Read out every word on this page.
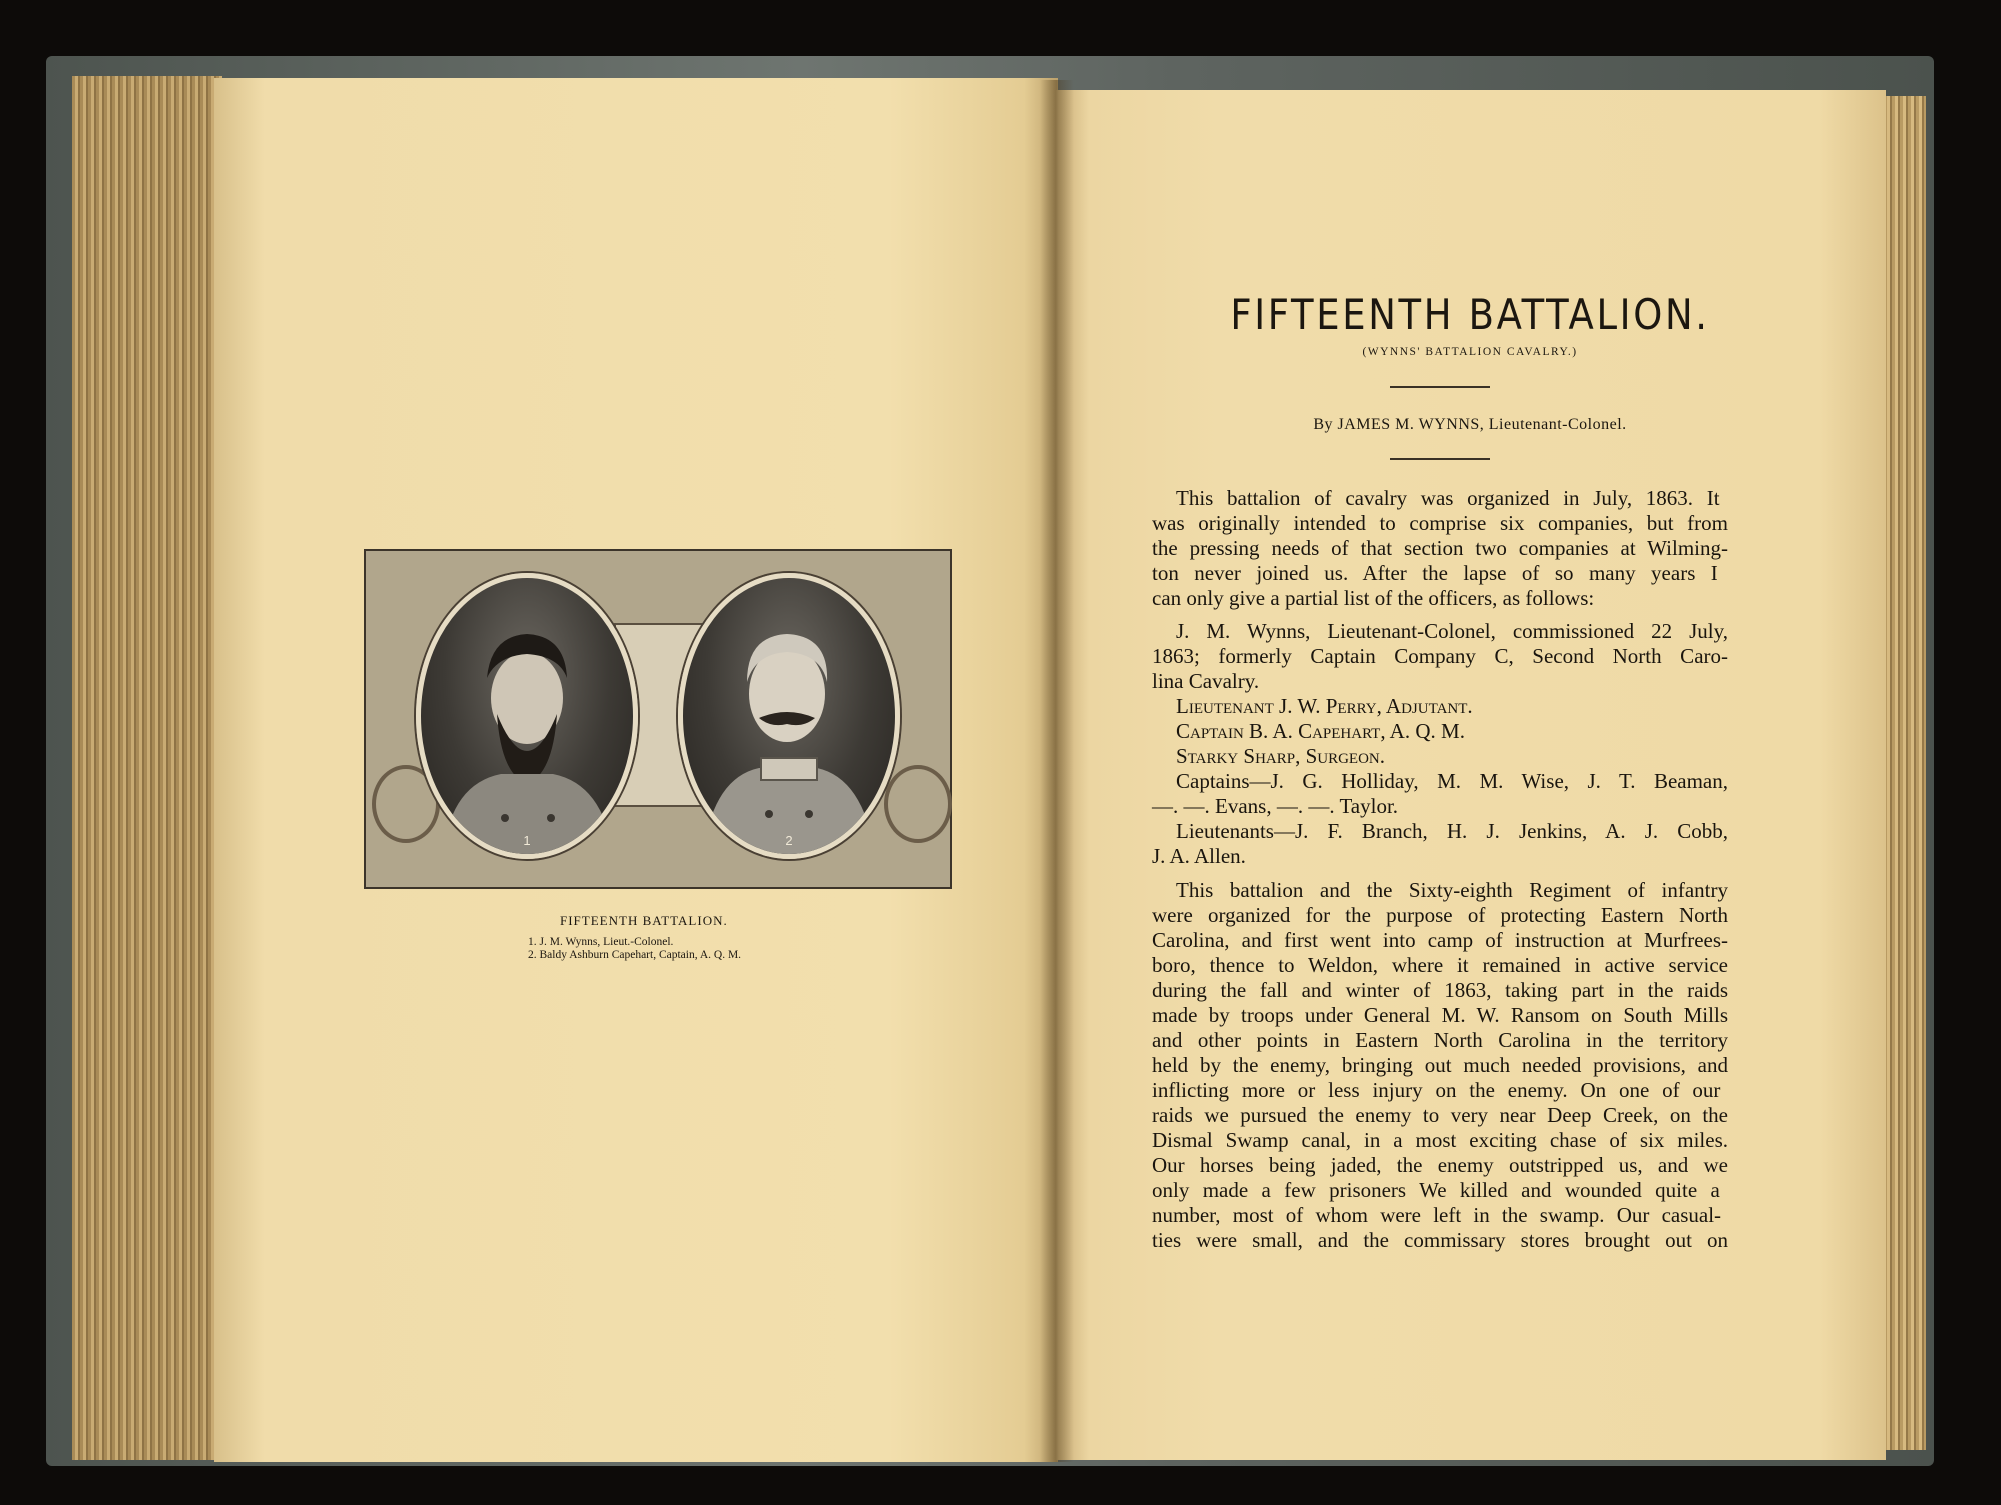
1	2
FIFTEENTH BATTALION.
1. J. M. Wynns, Lieut.-Colonel.
2. Baldy Ashburn Capehart, Captain, A. Q. M.
FIFTEENTH BATTALION.
(WYNNS' BATTALION CAVALRY.)
By JAMES M. WYNNS, Lieutenant-Colonel.
This battalion of cavalry was organized in July, 1863. It
was originally intended to comprise six companies, but from
the pressing needs of that section two companies at Wilming-
ton never joined us. After the lapse of so many years I
can only give a partial list of the officers, as follows:
J. M. Wynns, Lieutenant-Colonel, commissioned 22 July,
1863; formerly Captain Company C, Second North Caro-
lina Cavalry.
Lieutenant J. W. Perry, Adjutant.
Captain B. A. Capehart, A. Q. M.
Starky Sharp, Surgeon.
Captains—J. G. Holliday, M. M. Wise, J. T. Beaman,
—. —. Evans, —. —. Taylor.
Lieutenants—J. F. Branch, H. J. Jenkins, A. J. Cobb,
J. A. Allen.
This battalion and the Sixty-eighth Regiment of infantry
were organized for the purpose of protecting Eastern North
Carolina, and first went into camp of instruction at Murfrees-
boro, thence to Weldon, where it remained in active service
during the fall and winter of 1863, taking part in the raids
made by troops under General M. W. Ransom on South Mills
and other points in Eastern North Carolina in the territory
held by the enemy, bringing out much needed provisions, and
inflicting more or less injury on the enemy. On one of our
raids we pursued the enemy to very near Deep Creek, on the
Dismal Swamp canal, in a most exciting chase of six miles.
Our horses being jaded, the enemy outstripped us, and we
only made a few prisoners We killed and wounded quite a
number, most of whom were left in the swamp. Our casual-
ties were small, and the commissary stores brought out on
